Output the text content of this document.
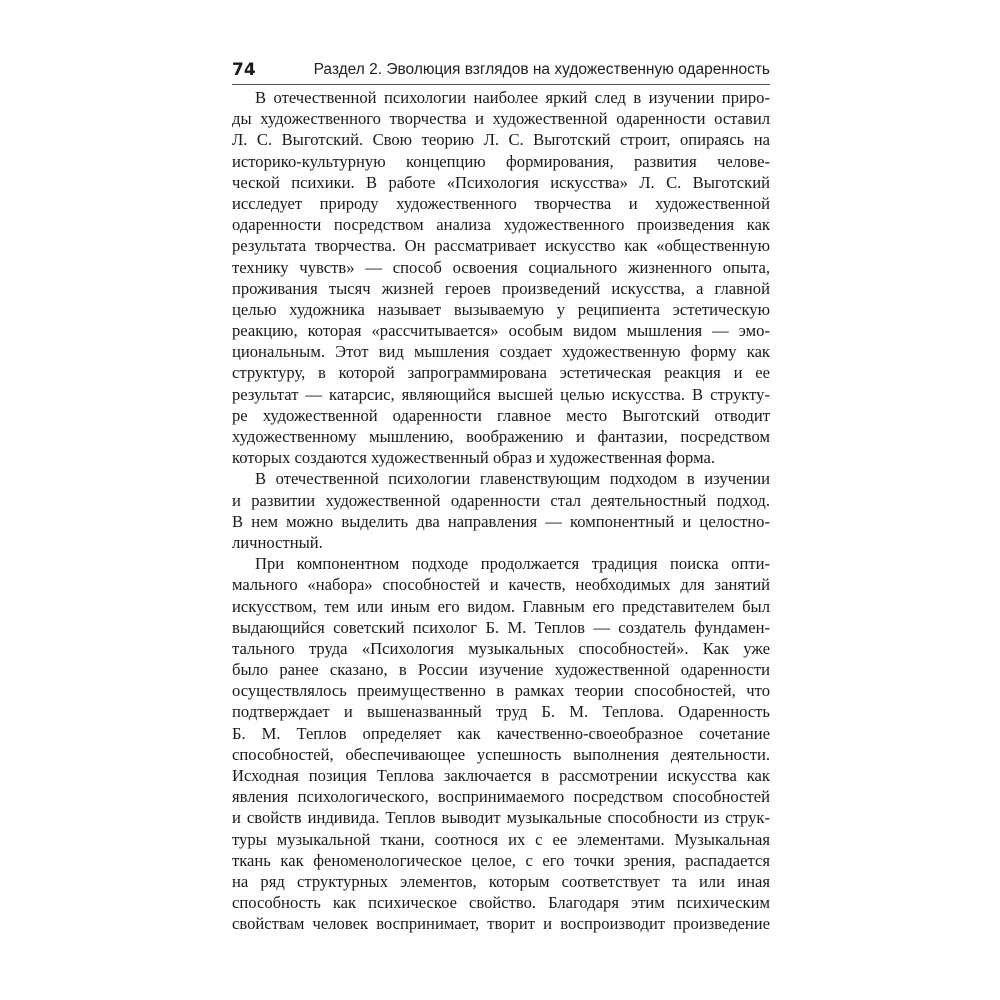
74	Раздел 2. Эволюция взглядов на художественную одаренность
В отечественной психологии наиболее яркий след в изучении приро-
ды художественного творчества и художественной одаренности оставил
Л. С. Выготский. Свою теорию Л. С. Выготский строит, опираясь на
историко-культурную концепцию формирования, развития челове-
ческой психики. В работе «Психология искусства» Л. С. Выготский
исследует природу художественного творчества и художественной
одаренности посредством анализа художественного произведения как
результата творчества. Он рассматривает искусство как «общественную
технику чувств» — способ освоения социального жизненного опыта,
проживания тысяч жизней героев произведений искусства, а главной
целью художника называет вызываемую у реципиента эстетическую
реакцию, которая «рассчитывается» особым видом мышления — эмо-
циональным. Этот вид мышления создает художественную форму как
структуру, в которой запрограммирована эстетическая реакция и ее
результат — катарсис, являющийся высшей целью искусства. В структу-
ре художественной одаренности главное место Выготский отводит
художественному мышлению, воображению и фантазии, посредством
которых создаются художественный образ и художественная форма.
В отечественной психологии главенствующим подходом в изучении
и развитии художественной одаренности стал деятельностный подход.
В нем можно выделить два направления — компонентный и целостно-
личностный.
При компонентном подходе продолжается традиция поиска опти-
мального «набора» способностей и качеств, необходимых для занятий
искусством, тем или иным его видом. Главным его представителем был
выдающийся советский психолог Б. М. Теплов — создатель фундамен-
тального труда «Психология музыкальных способностей». Как уже
было ранее сказано, в России изучение художественной одаренности
осуществлялось преимущественно в рамках теории способностей, что
подтверждает и вышеназванный труд Б. М. Теплова. Одаренность
Б. М. Теплов определяет как качественно-своеобразное сочетание
способностей, обеспечивающее успешность выполнения деятельности.
Исходная позиция Теплова заключается в рассмотрении искусства как
явления психологического, воспринимаемого посредством способностей
и свойств индивида. Теплов выводит музыкальные способности из струк-
туры музыкальной ткани, соотнося их с ее элементами. Музыкальная
ткань как феноменологическое целое, с его точки зрения, распадается
на ряд структурных элементов, которым соответствует та или иная
способность как психическое свойство. Благодаря этим психическим
свойствам человек воспринимает, творит и воспроизводит произведение
